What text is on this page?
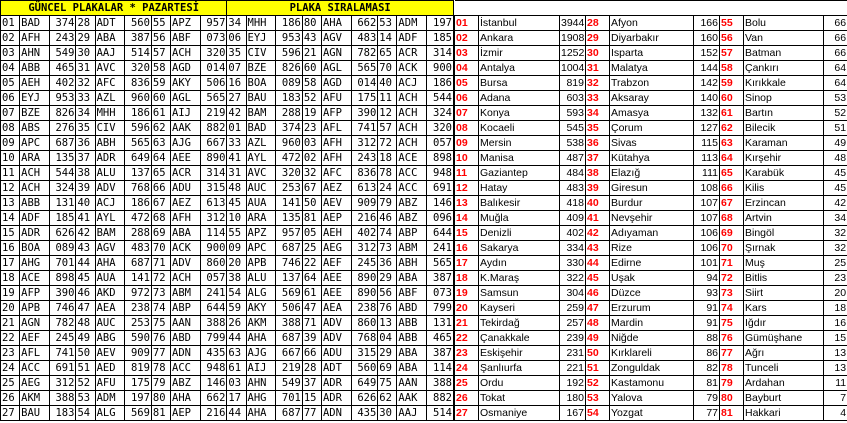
GÜNCEL PLAKALAR * PAZARTESİ									PLAKA SIRALAMASI								
01	BAD	374	28	ADT	560	55	APZ	957	34	MHH	186	80	AHA	662	53	ADM	197
02	AFH	243	29	ABA	387	56	ABF	073	06	EYJ	953	43	AGV	483	14	ADF	185
03	AHN	549	30	AAJ	514	57	ACH	320	35	CIV	596	21	AGN	782	65	ACR	314
04	ABB	465	31	AVC	320	58	AGD	014	07	BZE	826	60	AGL	565	70	ACK	900
05	AEH	402	32	AFC	836	59	AKY	506	16	BOA	089	58	AGD	014	40	ACJ	186
06	EYJ	953	33	AZL	960	60	AGL	565	27	BAU	183	52	AFU	175	11	ACH	544
07	BZE	826	34	MHH	186	61	AIJ	219	42	BAM	288	19	AFP	390	12	ACH	324
08	ABS	276	35	CIV	596	62	AAK	882	01	BAD	374	23	AFL	741	57	ACH	320
09	APC	687	36	ABH	565	63	AJG	667	33	AZL	960	03	AFH	312	72	ACH	057
10	ARA	135	37	ADR	649	64	AEE	890	41	AYL	472	02	AFH	243	18	ACE	898
11	ACH	544	38	ALU	137	65	ACR	314	31	AVC	320	32	AFC	836	78	ACC	948
12	ACH	324	39	ADV	768	66	ADU	315	48	AUC	253	67	AEZ	613	24	ACC	691
13	ABB	131	40	ACJ	186	67	AEZ	613	45	AUA	141	50	AEV	909	79	ABZ	146
14	ADF	185	41	AYL	472	68	AFH	312	10	ARA	135	81	AEP	216	46	ABZ	096
15	ADR	626	42	BAM	288	69	ABA	114	55	APZ	957	05	AEH	402	74	ABP	644
16	BOA	089	43	AGV	483	70	ACK	900	09	APC	687	25	AEG	312	73	ABM	241
17	AHG	701	44	AHA	687	71	ADV	860	20	APB	746	22	AEF	245	36	ABH	565
18	ACE	898	45	AUA	141	72	ACH	057	38	ALU	137	64	AEE	890	29	ABA	387
19	AFP	390	46	AKD	972	73	ABM	241	54	ALG	569	61	AEE	890	56	ABF	073
20	APB	746	47	AEA	238	74	ABP	644	59	AKY	506	47	AEA	238	76	ABD	799
21	AGN	782	48	AUC	253	75	AAN	388	26	AKM	388	71	ADV	860	13	ABB	131
22	AEF	245	49	ABG	590	76	ABD	799	44	AHA	687	39	ADV	768	04	ABB	465
23	AFL	741	50	AEV	909	77	ADN	435	63	AJG	667	66	ADU	315	29	ABA	387
24	ACC	691	51	AED	819	78	ACC	948	61	AIJ	219	28	ADT	560	69	ABA	114
25	AEG	312	52	AFU	175	79	ABZ	146	03	AHN	549	37	ADR	649	75	AAN	388
26	AKM	388	53	ADM	197	80	AHA	662	17	AHG	701	15	ADR	626	62	AAK	882
27	BAU	183	54	ALG	569	81	AEP	216	44	AHA	687	77	ADN	435	30	AAJ	514

01	İstanbul	3944	28	Afyon	166	55	Bolu	66
02	Ankara	1908	29	Diyarbakır	160	56	Van	66
03	İzmir	1252	30	Isparta	152	57	Batman	66
04	Antalya	1004	31	Malatya	144	58	Çankırı	64
05	Bursa	819	32	Trabzon	142	59	Kırıkkale	64
06	Adana	603	33	Aksaray	140	60	Sinop	53
07	Konya	593	34	Amasya	132	61	Bartın	52
08	Kocaeli	545	35	Çorum	127	62	Bilecik	51
09	Mersin	538	36	Sivas	115	63	Karaman	49
10	Manisa	487	37	Kütahya	113	64	Kırşehir	48
11	Gaziantep	484	38	Elazığ	111	65	Karabük	45
12	Hatay	483	39	Giresun	108	66	Kilis	45
13	Balıkesir	418	40	Burdur	107	67	Erzincan	42
14	Muğla	409	41	Nevşehir	107	68	Artvin	34
15	Denizli	402	42	Adıyaman	106	69	Bingöl	32
16	Sakarya	334	43	Rize	106	70	Şırnak	32
17	Aydın	330	44	Edirne	101	71	Muş	25
18	K.Maraş	322	45	Uşak	94	72	Bitlis	23
19	Samsun	304	46	Düzce	93	73	Siirt	20
20	Kayseri	259	47	Erzurum	91	74	Kars	18
21	Tekirdağ	257	48	Mardin	91	75	Iğdır	16
22	Çanakkale	239	49	Niğde	88	76	Gümüşhane	15
23	Eskişehir	231	50	Kırklareli	86	77	Ağrı	13
24	Şanlıurfa	221	51	Zonguldak	82	78	Tunceli	13
25	Ordu	192	52	Kastamonu	81	79	Ardahan	11
26	Tokat	180	53	Yalova	79	80	Bayburt	7
27	Osmaniye	167	54	Yozgat	77	81	Hakkari	4
